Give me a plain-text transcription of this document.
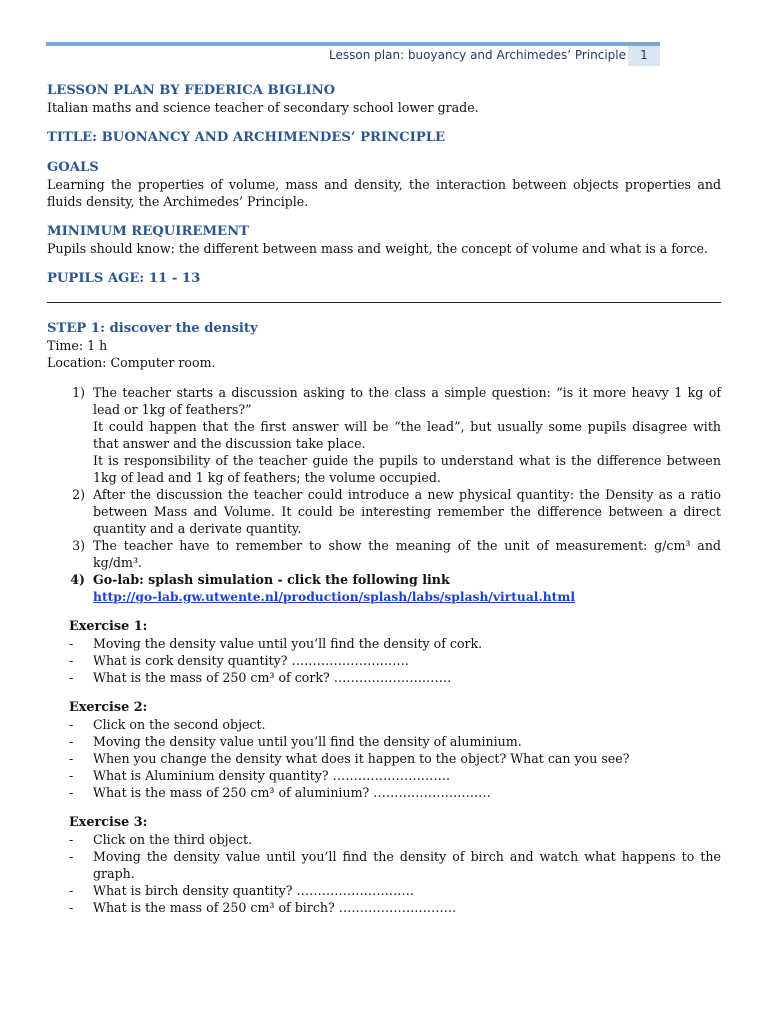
Lesson plan: buoyancy and Archimedes’ Principle	1

LESSON PLAN BY FEDERICA BIGLINO

Italian maths and science teacher of secondary school lower grade.

TITLE: BUONANCY AND ARCHIMENDES’ PRINCIPLE

GOALS

Learning the properties of volume, mass and density, the interaction between objects properties and fluids density, the Archimedes’ Principle.

MINIMUM REQUIREMENT

Pupils should know: the different between mass and weight, the concept of volume and what is a force.

PUPILS AGE: 11 - 13

STEP 1: discover the density

Time: 1 h

Location: Computer room.

1) The teacher starts a discussion asking to the class a simple question: “is it more heavy 1 kg of lead or 1kg of feathers?”
It could happen that the first answer will be “the lead”, but usually some pupils disagree with that answer and the discussion take place.
It is responsibility of the teacher guide the pupils to understand what is the difference between 1kg of lead and 1 kg of feathers; the volume occupied.
2) After the discussion the teacher could introduce a new physical quantity: the Density as a ratio between Mass and Volume. It could be interesting remember the difference between a direct quantity and a derivate quantity.
3) The teacher have to remember to show the meaning of the unit of measurement: g/cm³ and kg/dm³.
4) Go-lab: splash simulation - click the following link
http://go-lab.gw.utwente.nl/production/splash/labs/splash/virtual.html
Exercise 1:
- Moving the density value until you’ll find the density of cork.
- What is cork density quantity? ……………………….
- What is the mass of 250 cm³ of cork? ……………………….
Exercise 2:
- Click on the second object.
- Moving the density value until you’ll find the density of aluminium.
- When you change the density what does it happen to the object? What can you see?
- What is Aluminium density quantity? ……………………….
- What is the mass of 250 cm³ of aluminium? ……………………….
Exercise 3:
- Click on the third object.
- Moving the density value until you’ll find the density of birch and watch what happens to the graph.
- What is birch density quantity? ……………………….
- What is the mass of 250 cm³ of birch? ……………………….
